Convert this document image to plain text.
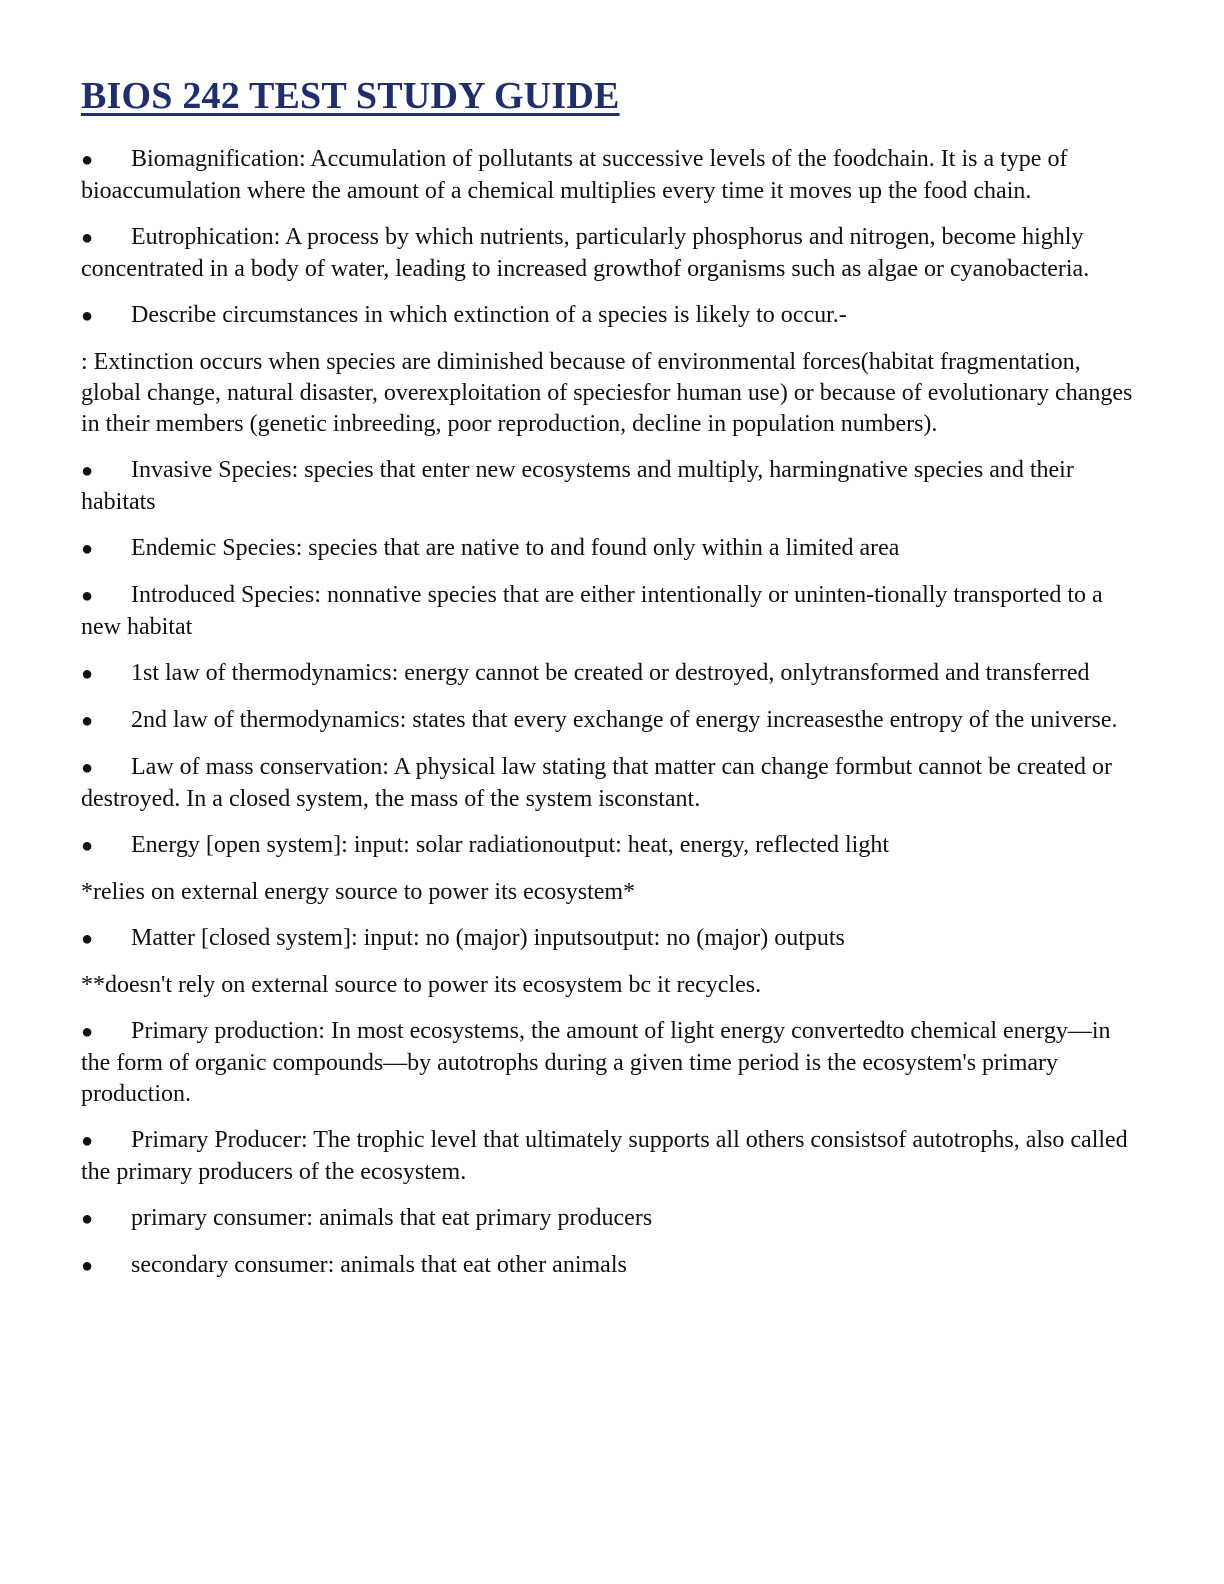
BIOS 242 TEST STUDY GUIDE

● Biomagnification: Accumulation of pollutants at successive levels of the foodchain. It is a type of bioaccumulation where the amount of a chemical multiplies every time it moves up the food chain.

● Eutrophication: A process by which nutrients, particularly phosphorus and nitrogen, become highly concentrated in a body of water, leading to increased growthof organisms such as algae or cyanobacteria.

● Describe circumstances in which extinction of a species is likely to occur.-

: Extinction occurs when species are diminished because of environmental forces(habitat fragmentation, global change, natural disaster, overexploitation of speciesfor human use) or because of evolutionary changes in their members (genetic inbreeding, poor reproduction, decline in population numbers).

● Invasive Species: species that enter new ecosystems and multiply, harmingnative species and their habitats

● Endemic Species: species that are native to and found only within a limited area

● Introduced Species: nonnative species that are either intentionally or uninten-tionally transported to a new habitat

● 1st law of thermodynamics: energy cannot be created or destroyed, onlytransformed and transferred

● 2nd law of thermodynamics: states that every exchange of energy increasesthe entropy of the universe.

● Law of mass conservation: A physical law stating that matter can change formbut cannot be created or destroyed. In a closed system, the mass of the system isconstant.

● Energy [open system]: input: solar radiationoutput: heat, energy, reflected light

*relies on external energy source to power its ecosystem*

● Matter [closed system]: input: no (major) inputsoutput: no (major) outputs

**doesn't rely on external source to power its ecosystem bc it recycles.

● Primary production: In most ecosystems, the amount of light energy convertedto chemical energy—in the form of organic compounds—by autotrophs during a given time period is the ecosystem's primary production.

● Primary Producer: The trophic level that ultimately supports all others consistsof autotrophs, also called the primary producers of the ecosystem.

● primary consumer: animals that eat primary producers

● secondary consumer: animals that eat other animals
